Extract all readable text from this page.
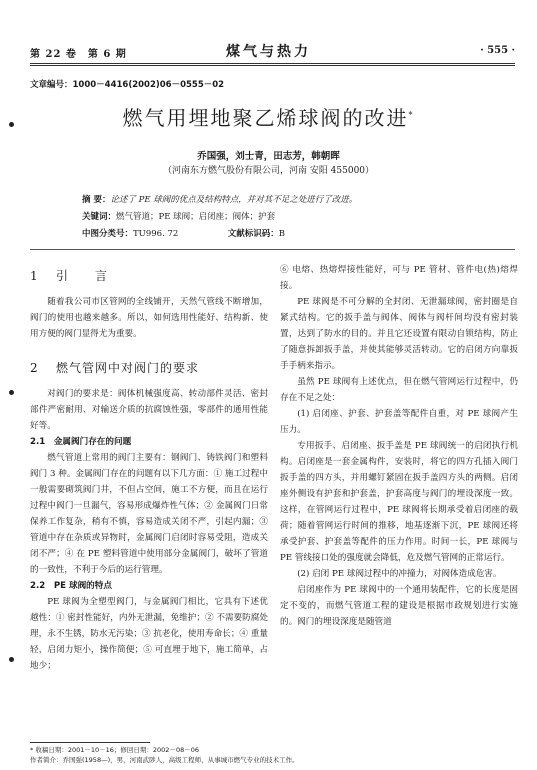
第 22 卷　第 6 期	煤气与热力	· 555 ·
文章编号：1000－4416(2002)06－0555－02
燃气用埋地聚乙烯球阀的改进*
乔国强，刘士青，田志芳，韩朝晖
（河南东方燃气股份有限公司，河南 安阳 455000）
摘 要：论述了 PE 球阀的优点及结构特点，并对其不足之处进行了改进。
关键词：燃气管道；PE 球阀；启闭座；阀体；护套
中图分类号：TU996. 72	文献标识码：B
1 引　　言

随着我公司市区管网的全线铺开，天然气管线不断增加，阀门的使用也越来越多。所以，如何选用性能好、结构新、使用方便的阀门显得尤为重要。

2 燃气管网中对阀门的要求

对阀门的要求是：阀体机械强度高、转动部件灵活、密封部件严密耐用、对输送介质的抗腐蚀性强，零部件的通用性能好等。

2.1　金属阀门存在的问题

燃气管道上常用的阀门主要有：钢阀门、铸铁阀门和塑料阀门 3 种。金属阀门存在的问题有以下几方面：① 施工过程中一般需要砌筑阀门井，不但占空间，施工不方便，而且在运行过程中阀门一旦漏气，容易形成爆炸性气体；② 金属阀门日常保养工作复杂，稍有不慎，容易造成关闭不严，引起内漏；③ 管道中存在杂质或异物时，金属阀门启闭时容易受阻，造成关闭不严；④ 在 PE 塑料管道中使用部分金属阀门，破坏了管道的一致性，不利于今后的运行管理。

2.2　PE 球阀的特点

PE 球阀为全塑型阀门，与金属阀门相比，它具有下述优越性：① 密封性能好，内外无泄漏，免维护；② 不需要防腐处理，永不生锈，防水无污染；③ 抗老化，使用寿命长；④ 重量轻，启闭力矩小，操作简便；⑤ 可直埋于地下，施工简单，占地少；

⑥ 电熔、热熔焊接性能好，可与 PE 管材、管件电(热)熔焊接。

PE 球阀是不可分解的全封闭、无泄漏球阀，密封圈是自紧式结构。它的扳手盖与阀体、阀体与阀杆间均没有密封装置，达到了防水的目的。并且它还设置有限动自锁结构，防止了随意拆卸扳手盖，并使其能够灵活转动。它的启闭方向靠扳手手柄来指示。

虽然 PE 球阀有上述优点，但在燃气管网运行过程中，仍存在不足之处：

(1) 启闭座、护套、护套盖等配件自重，对 PE 球阀产生压力。

专用扳手、启闭座、扳手盖是 PE 球阀统一的启闭执行机构。启闭座是一套金属构件，安装时，将它的四方孔插入阀门扳手盖的四方头，并用螺钉紧固在扳手盖四方头的两侧。启闭座外侧设有护套和护套盖，护套高度与阀门的埋设深度一致。这样，在管网运行过程中，PE 球阀将长期承受着启闭座的载荷；随着管网运行时间的推移，地基逐渐下沉，PE 球阀还将承受护套、护套盖等配件的压力作用。时间一长，PE 球阀与 PE 管线接口处的强度就会降低，危及燃气管网的正常运行。

(2) 启闭 PE 球阀过程中的冲撞力，对阀体造成危害。

启闭座作为 PE 球阀中的一个通用装配件，它的长度是固定不变的，而燃气管道工程的建设是根据市政规划进行实施的。阀门的埋设深度是随管道

* 收稿日期：2001－10－16；修回日期：2002－08－06
作者简介：乔国强(1958—)，男，河南武陟人，高级工程师，从事城市燃气专业的技术工作。
